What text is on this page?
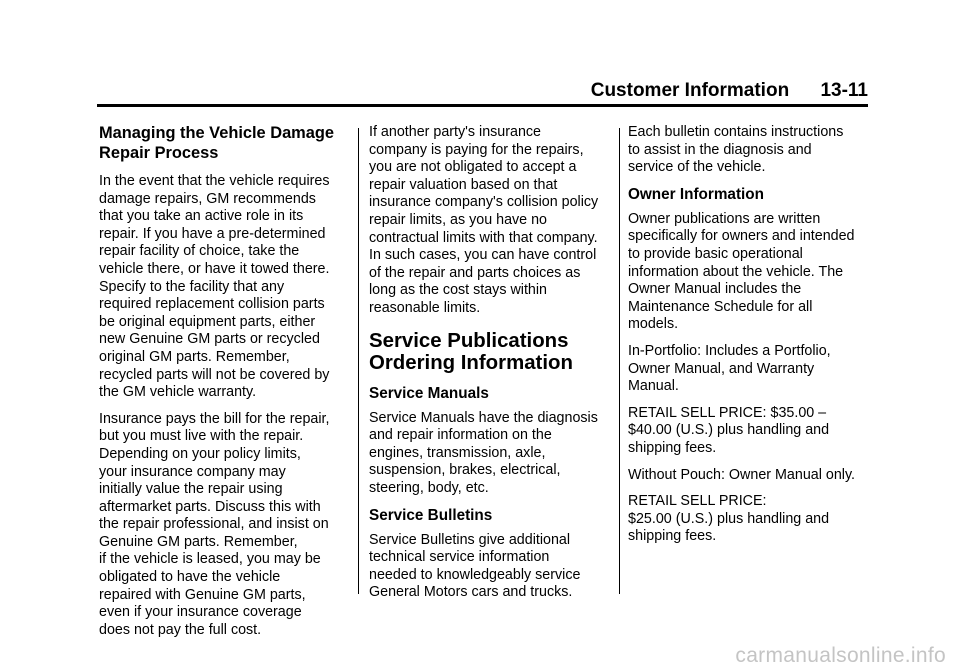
Customer Information 13-11
Managing the Vehicle Damage
Repair Process

In the event that the vehicle requires
damage repairs, GM recommends
that you take an active role in its
repair. If you have a pre-determined
repair facility of choice, take the
vehicle there, or have it towed there.
Specify to the facility that any
required replacement collision parts
be original equipment parts, either
new Genuine GM parts or recycled
original GM parts. Remember,
recycled parts will not be covered by
the GM vehicle warranty.

Insurance pays the bill for the repair,
but you must live with the repair.
Depending on your policy limits,
your insurance company may
initially value the repair using
aftermarket parts. Discuss this with
the repair professional, and insist on
Genuine GM parts. Remember,
if the vehicle is leased, you may be
obligated to have the vehicle
repaired with Genuine GM parts,
even if your insurance coverage
does not pay the full cost.

If another party's insurance
company is paying for the repairs,
you are not obligated to accept a
repair valuation based on that
insurance company's collision policy
repair limits, as you have no
contractual limits with that company.
In such cases, you can have control
of the repair and parts choices as
long as the cost stays within
reasonable limits.

Service Publications
Ordering Information
Service Manuals

Service Manuals have the diagnosis
and repair information on the
engines, transmission, axle,
suspension, brakes, electrical,
steering, body, etc.

Service Bulletins

Service Bulletins give additional
technical service information
needed to knowledgeably service
General Motors cars and trucks.

Each bulletin contains instructions
to assist in the diagnosis and
service of the vehicle.

Owner Information

Owner publications are written
specifically for owners and intended
to provide basic operational
information about the vehicle. The
Owner Manual includes the
Maintenance Schedule for all
models.

In-Portfolio: Includes a Portfolio,
Owner Manual, and Warranty
Manual.

RETAIL SELL PRICE: $35.00 –
$40.00 (U.S.) plus handling and
shipping fees.

Without Pouch: Owner Manual only.

RETAIL SELL PRICE:
$25.00 (U.S.) plus handling and
shipping fees.

carmanualsonline.info
